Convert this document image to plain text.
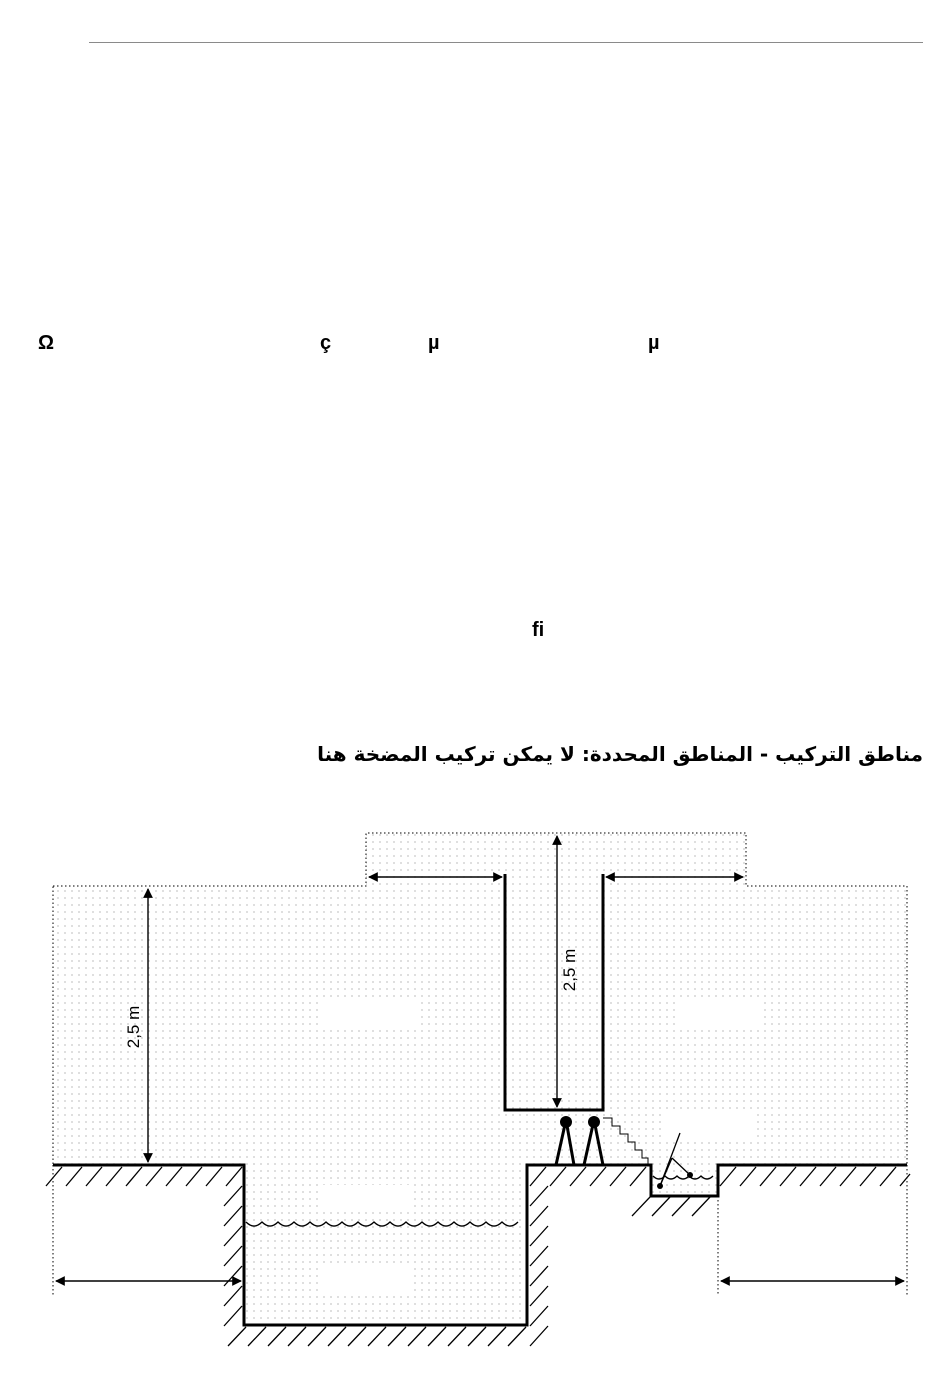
Ω	ç	µ	µ
ﬁ
مناطق التركيب - المناطق المحددة: لا يمكن تركيب المضخة هنا
2,5 m
2,5 m
